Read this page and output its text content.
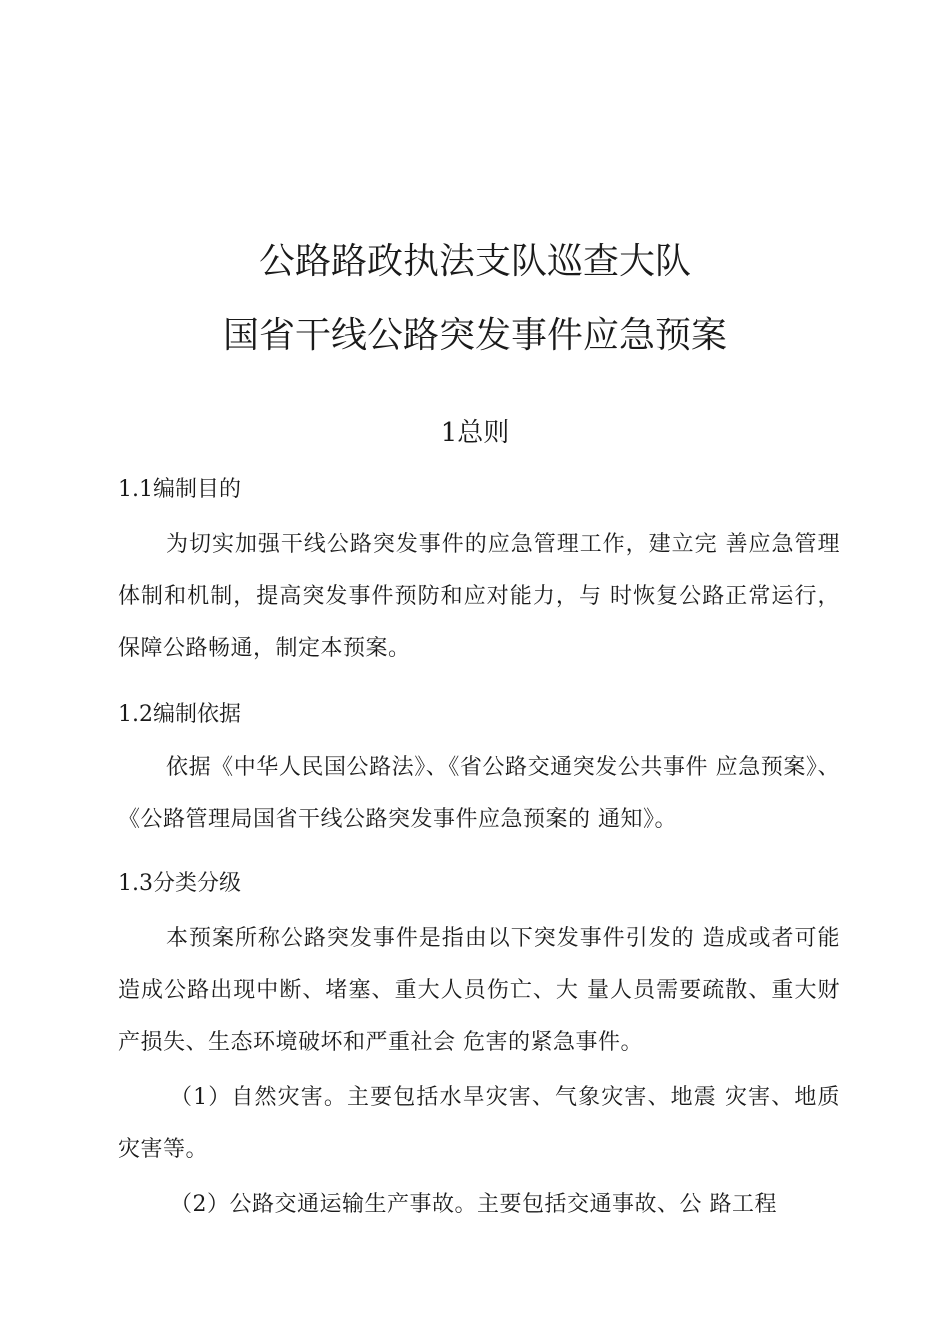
公路路政执法支队巡查大队
国省干线公路突发事件应急预案
1总则
1.1编制目的
为切实加强干线公路突发事件的应急管理工作，建立完 善应急管理体制和机制，提高突发事件预防和应对能力，与 时恢复公路正常运行，保障公路畅通，制定本预案。
1.2编制依据
依据《中华人民国公路法》、《省公路交通突发公共事件 应急预案》、《公路管理局国省干线公路突发事件应急预案的 通知》。
1.3分类分级
本预案所称公路突发事件是指由以下突发事件引发的 造成或者可能造成公路出现中断、堵塞、重大人员伤亡、大 量人员需要疏散、重大财产损失、生态环境破坏和严重社会 危害的紧急事件。
（1）自然灾害。主要包括水旱灾害、气象灾害、地震 灾害、地质灾害等。
（2）公路交通运输生产事故。主要包括交通事故、公 路工程
